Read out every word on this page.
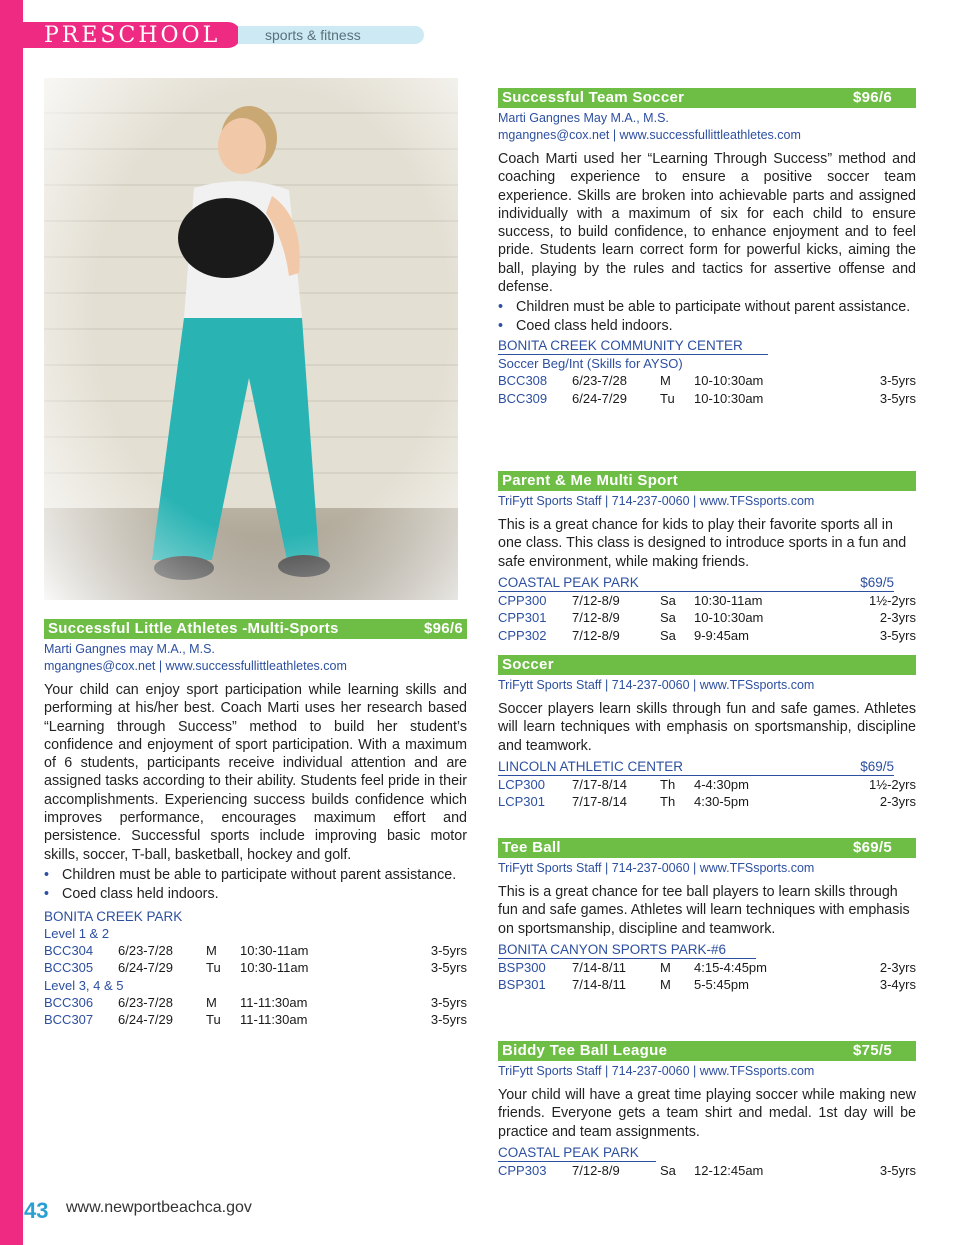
PRESCHOOL	sports & fitness
Successful Little Athletes -Multi-Sports	$96/6
Marti Gangnes may M.A., M.S.
mgangnes@cox.net | www.successfullittleathletes.com
Your child can enjoy sport participation while learning skills and performing at his/her best. Coach Marti uses her research based “Learning through Success” method to build her student’s confidence and enjoyment of sport participation. With a maximum of 6 students, participants receive individual attention and are assigned tasks according to their ability. Students feel pride in their accomplishments. Experiencing success builds confidence which improves performance, encourages maximum effort and persistence. Successful sports include improving basic motor skills, soccer, T-ball, basketball, hockey and golf.
• Children must be able to participate without parent assistance.
• Coed class held indoors.
BONITA CREEK PARK
Level 1 & 2
BCC304	6/23-7/28	M	10:30-11am	3-5yrs
BCC305	6/24-7/29	Tu	10:30-11am	3-5yrs
Level 3, 4 & 5
BCC306	6/23-7/28	M	11-11:30am	3-5yrs
BCC307	6/24-7/29	Tu	11-11:30am	3-5yrs
Successful Team Soccer	$96/6
Marti Gangnes May M.A., M.S.
mgangnes@cox.net | www.successfullittleathletes.com
Coach Marti used her “Learning Through Success” method and coaching experience to ensure a positive soccer team experience. Skills are broken into achievable parts and assigned individually with a maximum of six for each child to ensure success, to build confidence, to enhance enjoyment and to feel pride. Students learn correct form for powerful kicks, aiming the ball, playing by the rules and tactics for assertive offense and defense.
• Children must be able to participate without parent assistance.
• Coed class held indoors.
BONITA CREEK COMMUNITY CENTER
Soccer Beg/Int (Skills for AYSO)
BCC308	6/23-7/28	M	10-10:30am	3-5yrs
BCC309	6/24-7/29	Tu	10-10:30am	3-5yrs
Parent & Me Multi Sport
TriFytt Sports Staff | 714-237-0060 | www.TFSsports.com
This is a great chance for kids to play their favorite sports all in one class. This class is designed to introduce sports in a fun and safe environment, while making friends.
COASTAL PEAK PARK	$69/5
CPP300	7/12-8/9	Sa	10:30-11am	1½-2yrs
CPP301	7/12-8/9	Sa	10-10:30am	2-3yrs
CPP302	7/12-8/9	Sa	9-9:45am	3-5yrs
Soccer
TriFytt Sports Staff | 714-237-0060 | www.TFSsports.com
Soccer players learn skills through fun and safe games. Athletes will learn techniques with emphasis on sportsmanship, discipline and teamwork.
LINCOLN ATHLETIC CENTER	$69/5
LCP300	7/17-8/14	Th	4-4:30pm	1½-2yrs
LCP301	7/17-8/14	Th	4:30-5pm	2-3yrs
Tee Ball	$69/5
TriFytt Sports Staff | 714-237-0060 | www.TFSsports.com
This is a great chance for tee ball players to learn skills through fun and safe games. Athletes will learn techniques with emphasis on sportsmanship, discipline and teamwork.
BONITA CANYON SPORTS PARK-#6
BSP300	7/14-8/11	M	4:15-4:45pm	2-3yrs
BSP301	7/14-8/11	M	5-5:45pm	3-4yrs
Biddy Tee Ball League	$75/5
TriFytt Sports Staff | 714-237-0060 | www.TFSsports.com
Your child will have a great time playing soccer while making new friends. Everyone gets a team shirt and medal. 1st day will be practice and team assignments.
COASTAL PEAK PARK
CPP303	7/12-8/9	Sa	12-12:45am	3-5yrs
43 www.newportbeachca.gov
